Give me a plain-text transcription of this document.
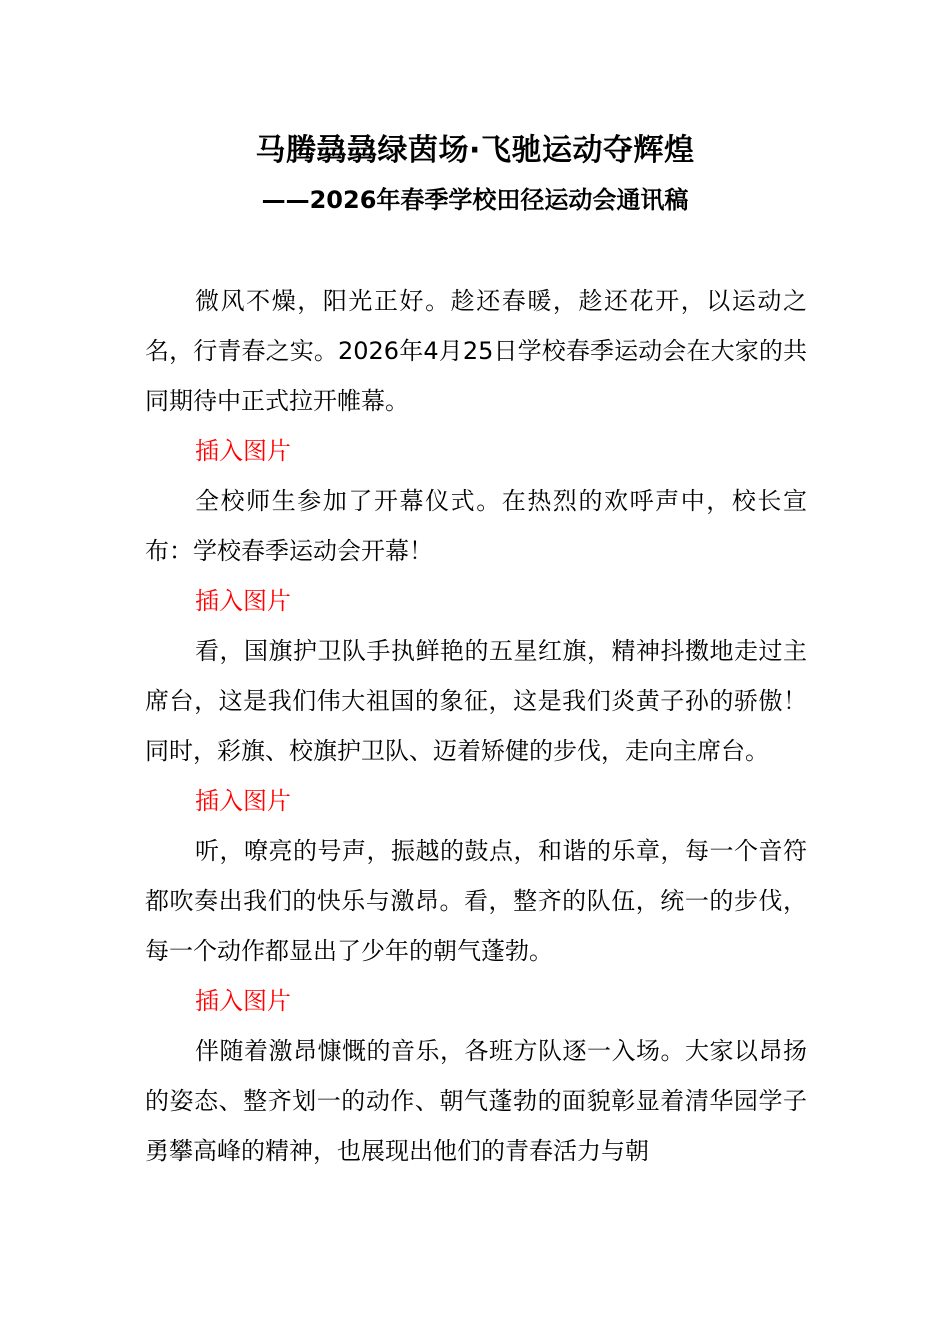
马腾骉骉绿茵场·飞驰运动夺辉煌
——2026年春季学校田径运动会通讯稿

微风不燥，阳光正好。趁还春暖，趁还花开，以运动之名，行青春之实。2026年4月25日学校春季运动会在大家的共同期待中正式拉开帷幕。

插入图片

全校师生参加了开幕仪式。在热烈的欢呼声中，校长宣布：学校春季运动会开幕！

插入图片

看，国旗护卫队手执鲜艳的五星红旗，精神抖擞地走过主席台，这是我们伟大祖国的象征，这是我们炎黄子孙的骄傲！同时，彩旗、校旗护卫队、迈着矫健的步伐，走向主席台。

插入图片

听，嘹亮的号声，振越的鼓点，和谐的乐章，每一个音符都吹奏出我们的快乐与激昂。看，整齐的队伍，统一的步伐，每一个动作都显出了少年的朝气蓬勃。

插入图片

伴随着激昂慷慨的音乐，各班方队逐一入场。大家以昂扬的姿态、整齐划一的动作、朝气蓬勃的面貌彰显着清华园学子勇攀高峰的精神，也展现出他们的青春活力与朝
